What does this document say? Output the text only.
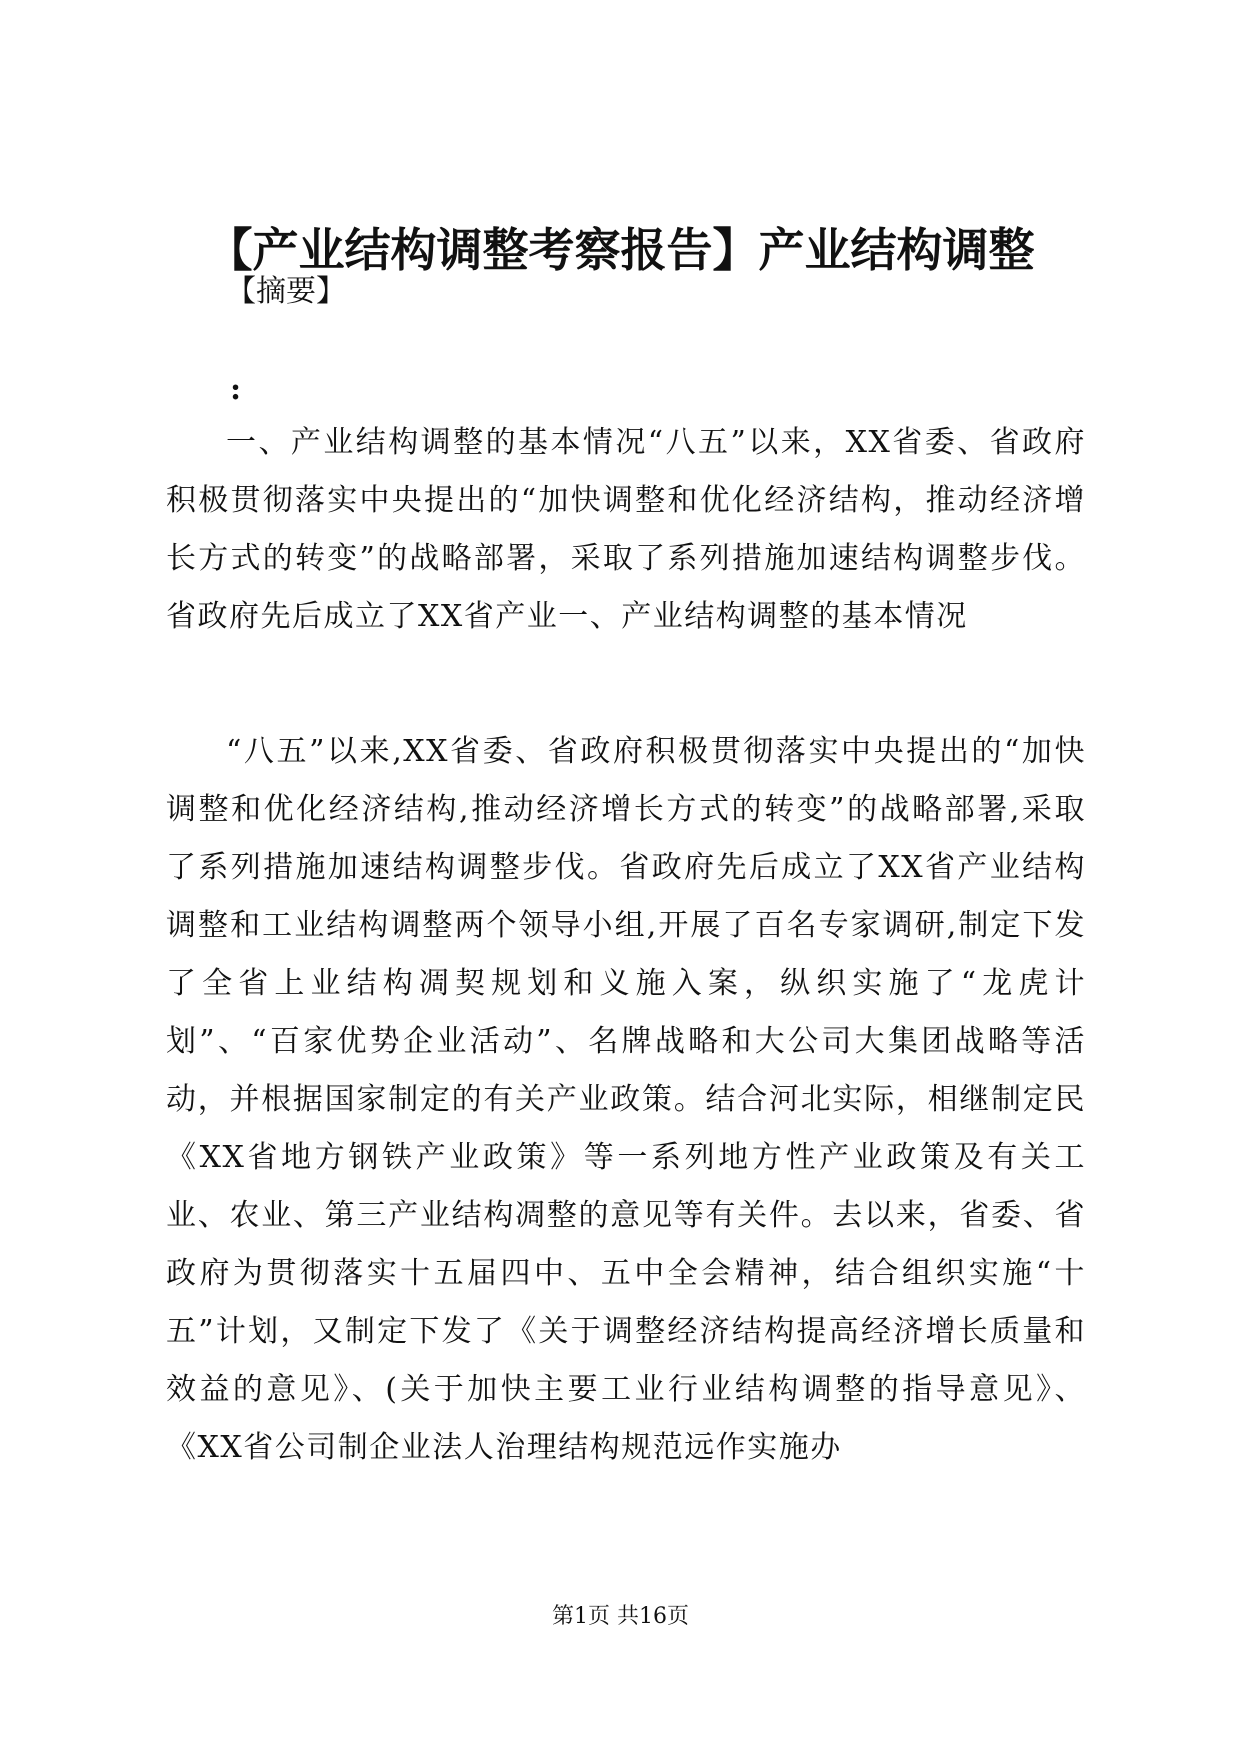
【产业结构调整考察报告】产业结构调整
【摘要】
:

一、产业结构调整的基本情况“八五”以来，XX省委、省政府积极贯彻落实中央提出的“加快调整和优化经济结构，推动经济增长方式的转变”的战略部署，采取了系列措施加速结构调整步伐。省政府先后成立了XX省产业一、产业结构调整的基本情况

“八五”以来,XX省委、省政府积极贯彻落实中央提出的“加快调整和优化经济结构,推动经济增长方式的转变”的战略部署,采取了系列措施加速结构调整步伐。省政府先后成立了XX省产业结构调整和工业结构调整两个领导小组,开展了百名专家调研,制定下发了全省上业结构凋契规划和义施入案，纵织实施了“龙虎计划”、“百家优势企业活动”、名牌战略和大公司大集团战略等活动，并根据国家制定的有关产业政策。结合河北实际，相继制定民《XX省地方钢铁产业政策》等一系列地方性产业政策及有关工业、农业、第三产业结构凋整的意见等有关件。去以来，省委、省政府为贯彻落实十五届四中、五中全会精神，结合组织实施“十五”计划，又制定下发了《关于调整经济结构提高经济增长质量和效益的意见》、(关于加快主要工业行业结构调整的指导意见》、《XX省公司制企业法人治理结构规范远作实施办

第1页 共16页
